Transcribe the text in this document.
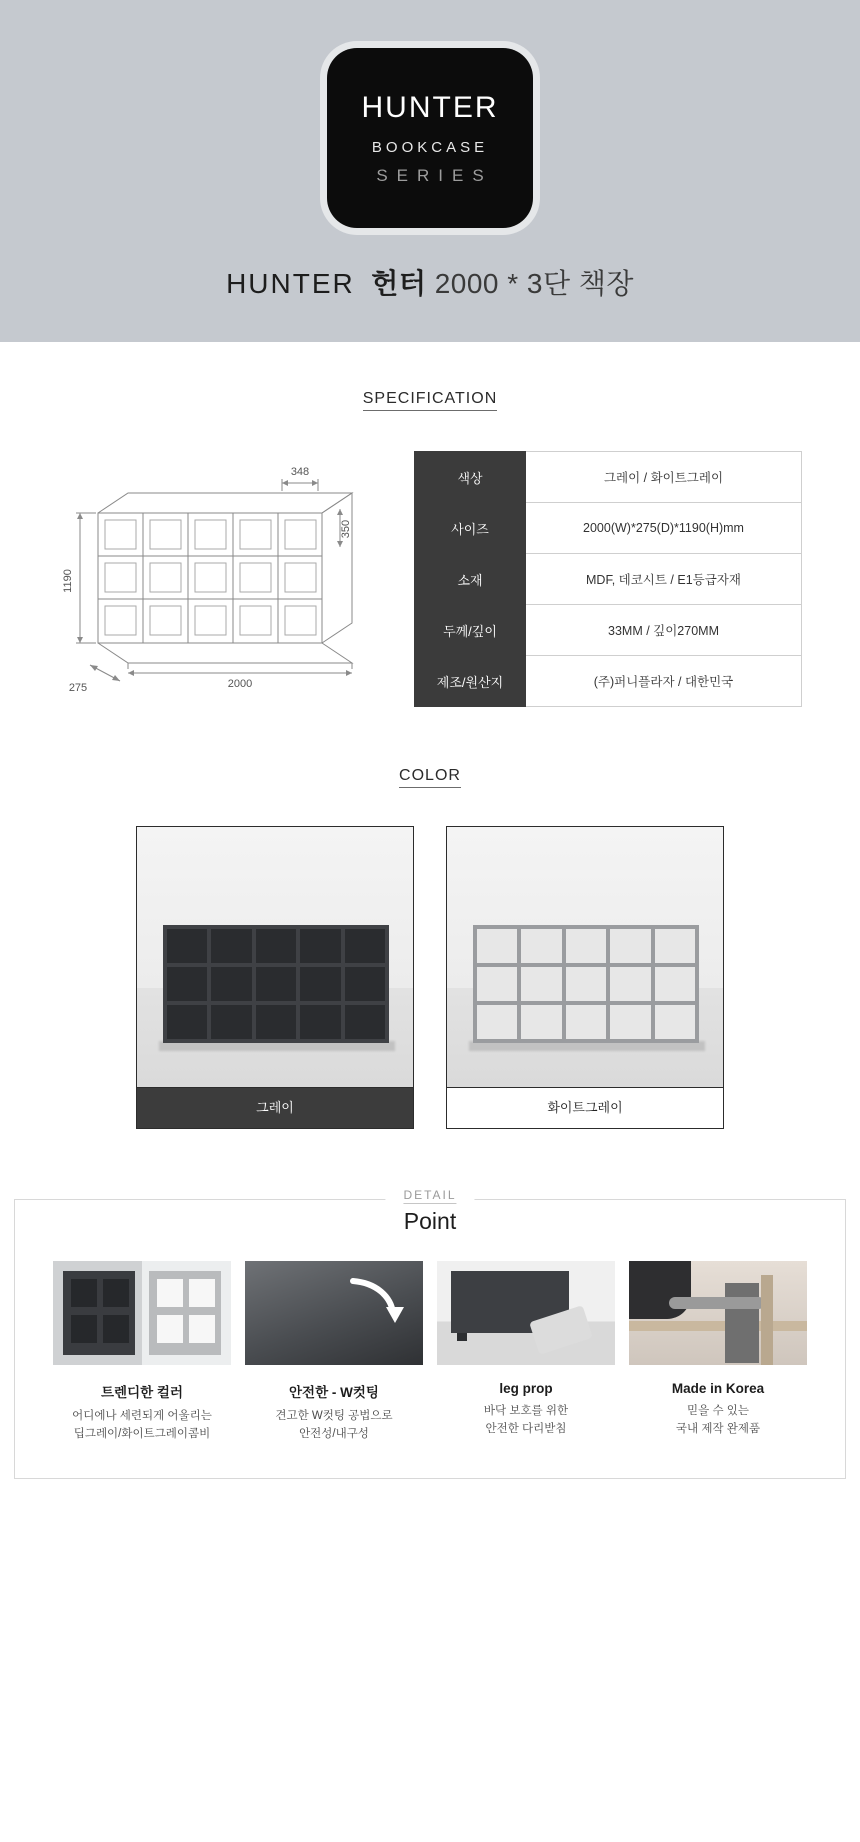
HUNTER
BOOKCASE
SERIES
HUNTER 헌터 2000 * 3단 책장
SPECIFICATION
2000
275
1190
348
350
색상	그레이 / 화이트그레이
사이즈	2000(W)*275(D)*1190(H)mm
소재	MDF, 데코시트 / E1등급자재
두께/깊이	33MM / 깊이270MM
제조/원산지	(주)퍼니플라자 / 대한민국
COLOR
그레이	화이트그레이
DETAIL
Point
트렌디한 컬러
어디에나 세련되게 어울리는
딥그레이/화이트그레이콤비
안전한 - W컷팅
견고한 W컷팅 공법으로
안전성/내구성
leg prop
바닥 보호를 위한
안전한 다리받침
Made in Korea
믿을 수 있는
국내 제작 완제품
